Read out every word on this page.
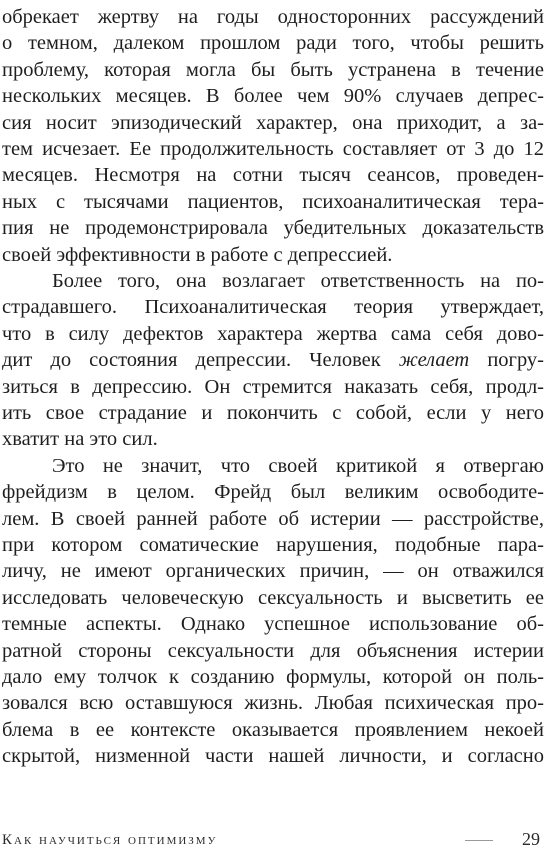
обрекает жертву на годы односторонних рассуждений
о темном, далеком прошлом ради того, чтобы решить
проблему, которая могла бы быть устранена в течение
нескольких месяцев. В более чем 90% случаев депрес-
сия носит эпизодический характер, она приходит, а за-
тем исчезает. Ее продолжительность составляет от 3 до 12
месяцев. Несмотря на сотни тысяч сеансов, проведен-
ных с тысячами пациентов, психоаналитическая тера-
пия не продемонстрировала убедительных доказательств
своей эффективности в работе с депрессией.
Более того, она возлагает ответственность на по-
страдавшего. Психоаналитическая теория утверждает,
что в силу дефектов характера жертва сама себя дово-
дит до состояния депрессии. Человек желает погру-
зиться в депрессию. Он стремится наказать себя, продл-
ить свое страдание и покончить с собой, если у него
хватит на это сил.
Это не значит, что своей критикой я отвергаю
фрейдизм в целом. Фрейд был великим освободите-
лем. В своей ранней работе об истерии — расстройстве,
при котором соматические нарушения, подобные пара-
личу, не имеют органических причин, — он отважился
исследовать человеческую сексуальность и высветить ее
темные аспекты. Однако успешное использование об-
ратной стороны сексуальности для объяснения истерии
дало ему толчок к созданию формулы, которой он поль-
зовался всю оставшуюся жизнь. Любая психическая про-
блема в ее контексте оказывается проявлением некоей
скрытой, низменной части нашей личности, и согласно
Как научиться оптимизму	29
